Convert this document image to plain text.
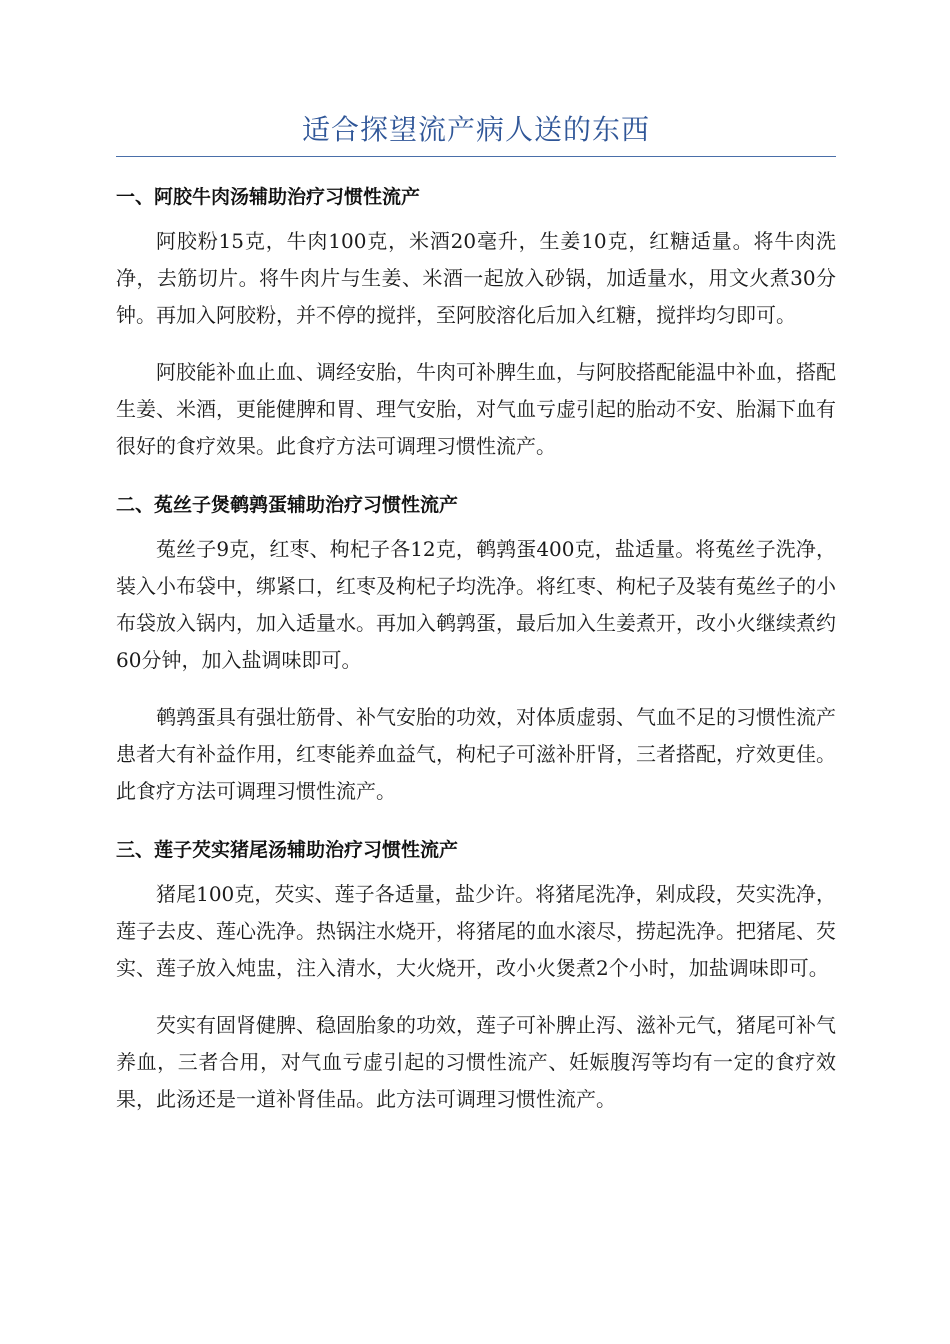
适合探望流产病人送的东西
一、阿胶牛肉汤辅助治疗习惯性流产

阿胶粉15克，牛肉100克，米酒20毫升，生姜10克，红糖适量。将牛肉洗净，去筋切片。将牛肉片与生姜、米酒一起放入砂锅，加适量水，用文火煮30分钟。再加入阿胶粉，并不停的搅拌，至阿胶溶化后加入红糖，搅拌均匀即可。

阿胶能补血止血、调经安胎，牛肉可补脾生血，与阿胶搭配能温中补血，搭配生姜、米酒，更能健脾和胃、理气安胎，对气血亏虚引起的胎动不安、胎漏下血有很好的食疗效果。此食疗方法可调理习惯性流产。

二、菟丝子煲鹌鹑蛋辅助治疗习惯性流产

菟丝子9克，红枣、枸杞子各12克，鹌鹑蛋400克，盐适量。将菟丝子洗净，装入小布袋中，绑紧口，红枣及枸杞子均洗净。将红枣、枸杞子及装有菟丝子的小布袋放入锅内，加入适量水。再加入鹌鹑蛋，最后加入生姜煮开，改小火继续煮约60分钟，加入盐调味即可。

鹌鹑蛋具有强壮筋骨、补气安胎的功效，对体质虚弱、气血不足的习惯性流产患者大有补益作用，红枣能养血益气，枸杞子可滋补肝肾，三者搭配，疗效更佳。此食疗方法可调理习惯性流产。

三、莲子芡实猪尾汤辅助治疗习惯性流产

猪尾100克，芡实、莲子各适量，盐少许。将猪尾洗净，剁成段，芡实洗净，莲子去皮、莲心洗净。热锅注水烧开，将猪尾的血水滚尽，捞起洗净。把猪尾、芡实、莲子放入炖盅，注入清水，大火烧开，改小火煲煮2个小时，加盐调味即可。

芡实有固肾健脾、稳固胎象的功效，莲子可补脾止泻、滋补元气，猪尾可补气养血，三者合用，对气血亏虚引起的习惯性流产、妊娠腹泻等均有一定的食疗效果，此汤还是一道补肾佳品。此方法可调理习惯性流产。
